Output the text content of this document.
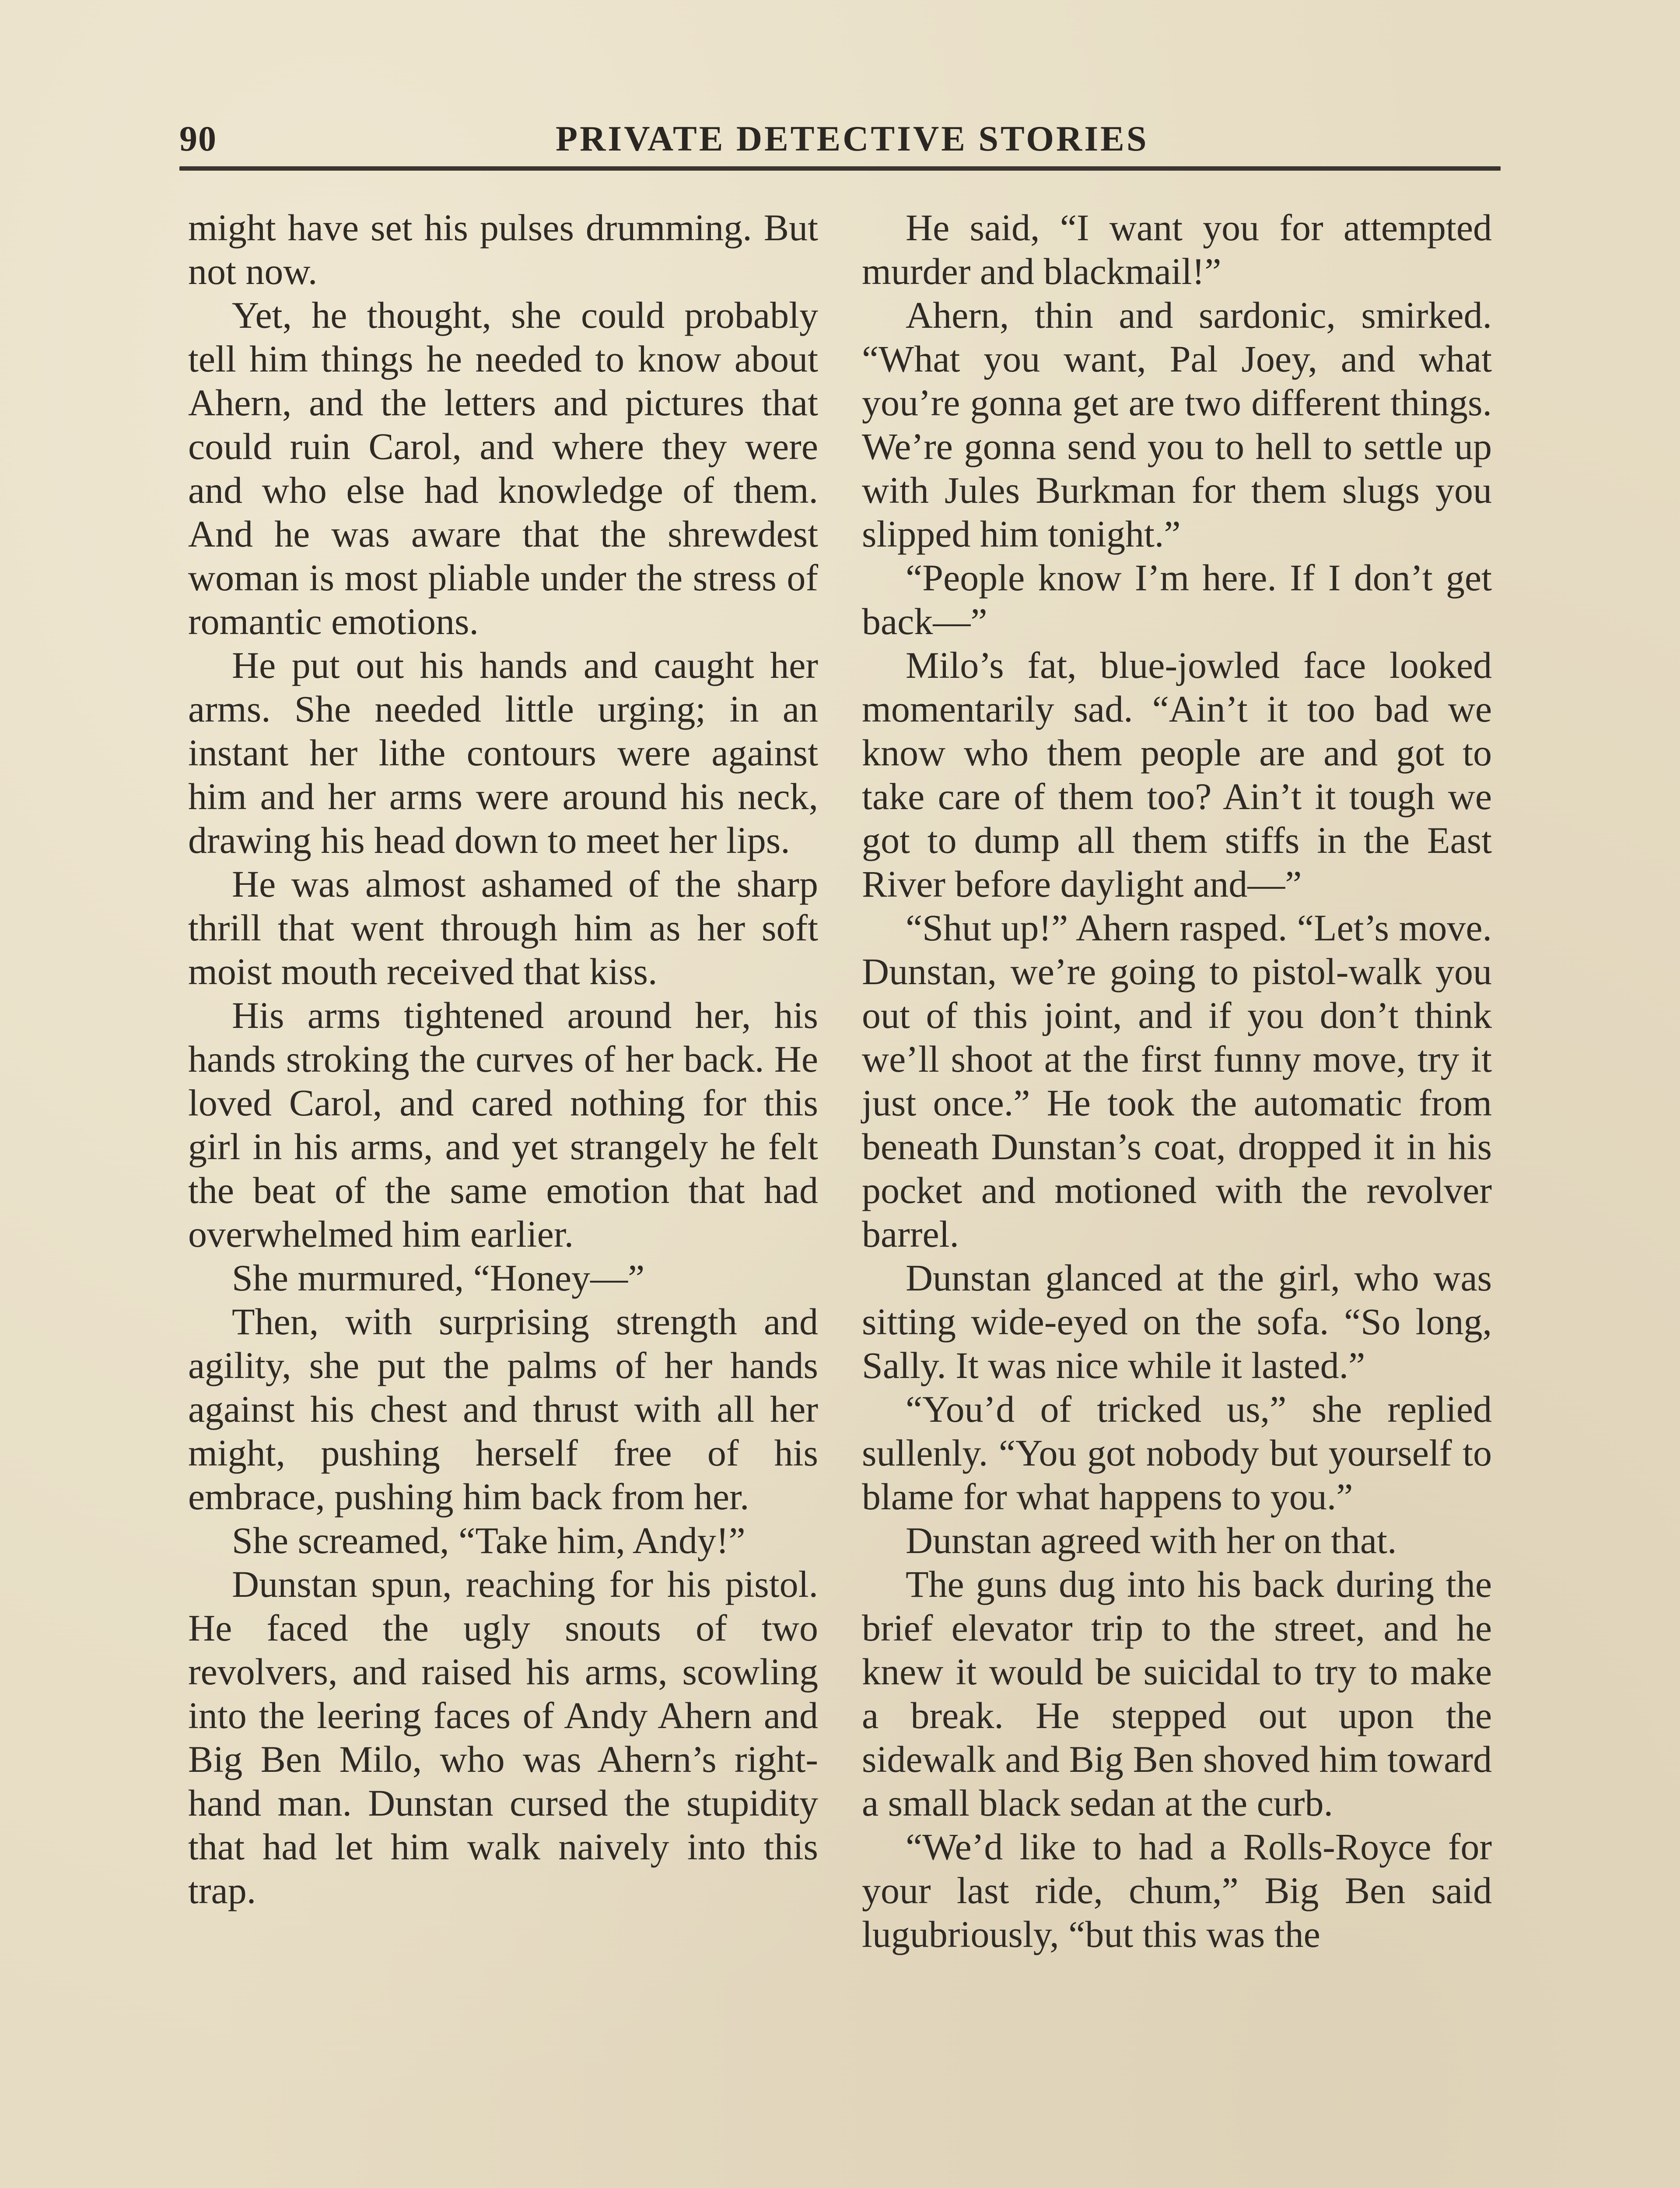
90	PRIVATE DETECTIVE STORIES

might have set his pulses drumming. But not now.

Yet, he thought, she could probably tell him things he needed to know about Ahern, and the letters and pictures that could ruin Carol, and where they were and who else had knowledge of them. And he was aware that the shrewdest woman is most pliable under the stress of romantic emotions.

He put out his hands and caught her arms. She needed little urging; in an instant her lithe contours were against him and her arms were around his neck, drawing his head down to meet her lips.

He was almost ashamed of the sharp thrill that went through him as her soft moist mouth received that kiss.

His arms tightened around her, his hands stroking the curves of her back. He loved Carol, and cared nothing for this girl in his arms, and yet strangely he felt the beat of the same emotion that had overwhelmed him earlier.

She murmured, “Honey—”

Then, with surprising strength and agility, she put the palms of her hands against his chest and thrust with all her might, pushing herself free of his embrace, pushing him back from her.

She screamed, “Take him, Andy!”

Dunstan spun, reaching for his pistol. He faced the ugly snouts of two revolvers, and raised his arms, scowling into the leering faces of Andy Ahern and Big Ben Milo, who was Ahern’s right-hand man. Dunstan cursed the stupidity that had let him walk naively into this trap.

He said, “I want you for attempted murder and blackmail!”

Ahern, thin and sardonic, smirked. “What you want, Pal Joey, and what you’re gonna get are two different things. We’re gonna send you to hell to settle up with Jules Burkman for them slugs you slipped him tonight.”

“People know I’m here. If I don’t get back—”

Milo’s fat, blue-jowled face looked momentarily sad. “Ain’t it too bad we know who them people are and got to take care of them too? Ain’t it tough we got to dump all them stiffs in the East River before daylight and—”

“Shut up!” Ahern rasped. “Let’s move. Dunstan, we’re going to pistol-walk you out of this joint, and if you don’t think we’ll shoot at the first funny move, try it just once.” He took the automatic from beneath Dunstan’s coat, dropped it in his pocket and motioned with the revolver barrel.

Dunstan glanced at the girl, who was sitting wide-eyed on the sofa. “So long, Sally. It was nice while it lasted.”

“You’d of tricked us,” she replied sullenly. “You got nobody but yourself to blame for what happens to you.”

Dunstan agreed with her on that.

The guns dug into his back during the brief elevator trip to the street, and he knew it would be suicidal to try to make a break. He stepped out upon the sidewalk and Big Ben shoved him toward a small black sedan at the curb.

“We’d like to had a Rolls-Royce for your last ride, chum,” Big Ben said lugubriously, “but this was the
